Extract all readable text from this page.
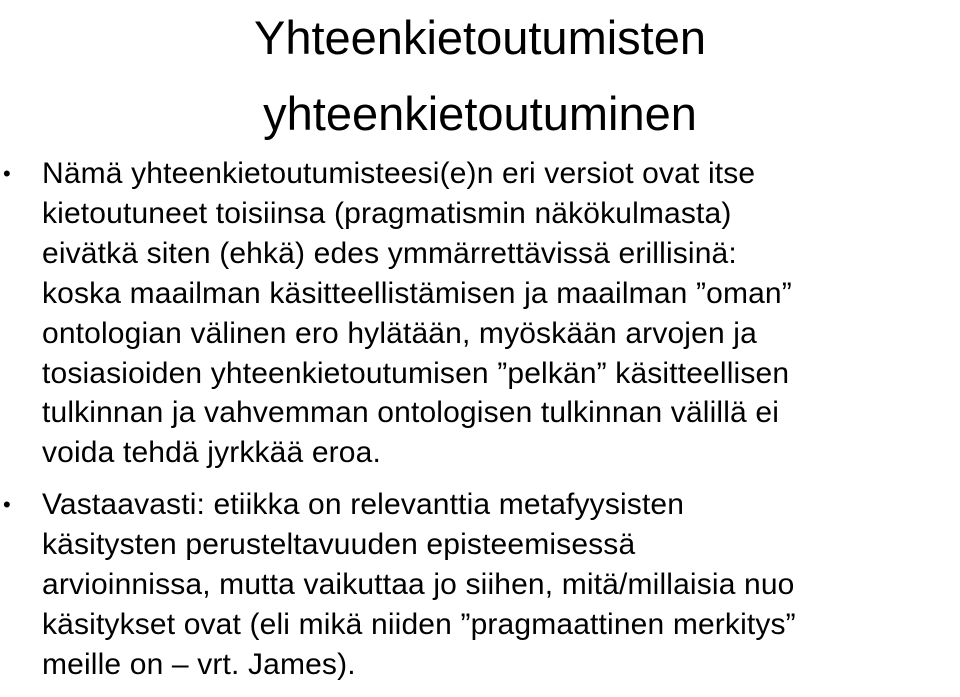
Yhteenkietoutumisten
yhteenkietoutuminen
• Nämä yhteenkietoutumisteesi(e)n eri versiot ovat itse
kietoutuneet toisiinsa (pragmatismin näkökulmasta)
eivätkä siten (ehkä) edes ymmärrettävissä erillisinä:
koska maailman käsitteellistämisen ja maailman ”oman”
ontologian välinen ero hylätään, myöskään arvojen ja
tosiasioiden yhteenkietoutumisen ”pelkän” käsitteellisen
tulkinnan ja vahvemman ontologisen tulkinnan välillä ei
voida tehdä jyrkkää eroa.
• Vastaavasti: etiikka on relevanttia metafyysisten
käsitysten perusteltavuuden episteemisessä
arvioinnissa, mutta vaikuttaa jo siihen, mitä/millaisia nuo
käsitykset ovat (eli mikä niiden ”pragmaattinen merkitys”
meille on – vrt. James).
